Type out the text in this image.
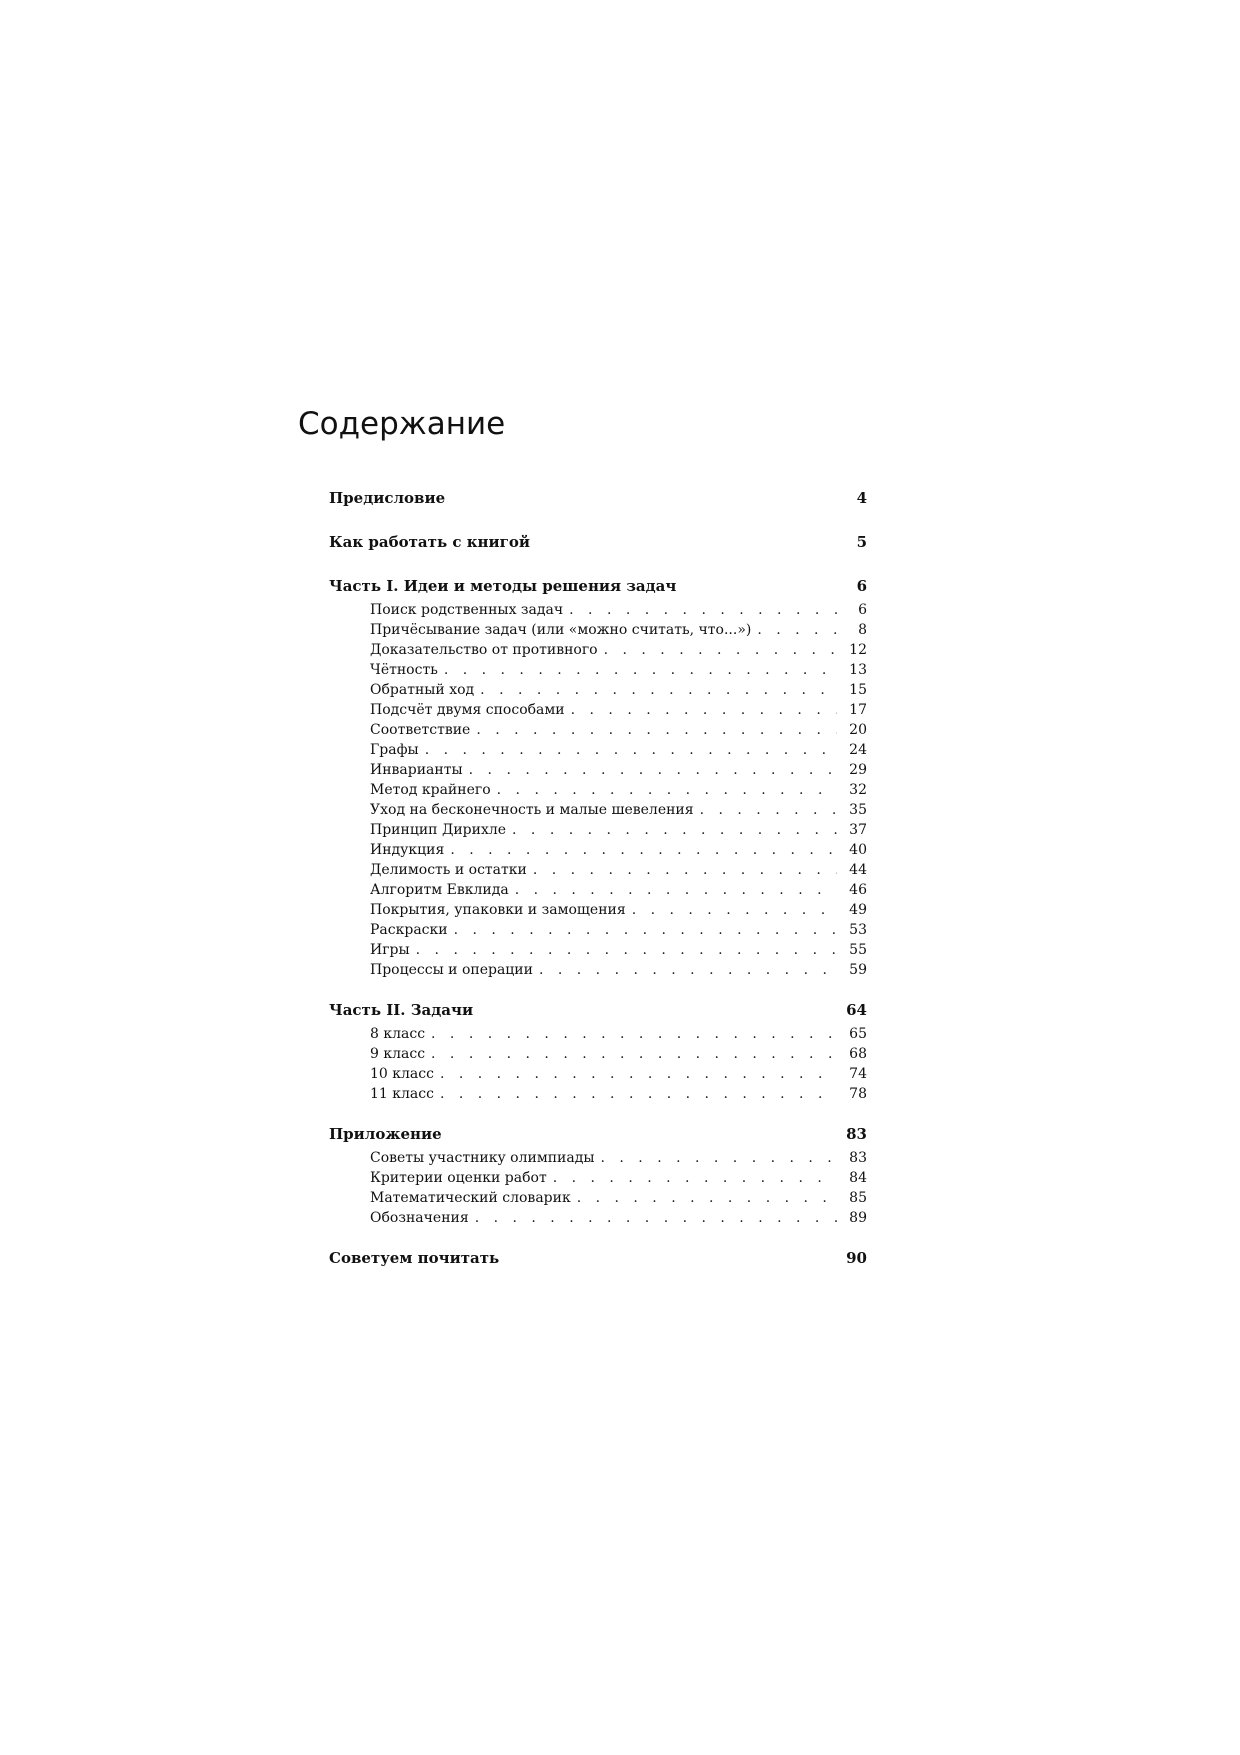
Содержание
Предисловие	4
Как работать с книгой	5
Часть I. Идеи и методы решения задач	6
Поиск родственных задач . . .	6
Причёсывание задач (или «можно считать, что...») . . .	8
Доказательство от противного . . .	12
Чётность . . .	13
Обратный ход . . .	15
Подсчёт двумя способами . . .	17
Соответствие . . .	20
Графы . . .	24
Инварианты . . .	29
Метод крайнего . . .	32
Уход на бесконечность и малые шевеления . . .	35
Принцип Дирихле . . .	37
Индукция . . .	40
Делимость и остатки . . .	44
Алгоритм Евклида . . .	46
Покрытия, упаковки и замощения . . .	49
Раскраски . . .	53
Игры . . .	55
Процессы и операции . . .	59
Часть II. Задачи	64
8 класс . . .	65
9 класс . . .	68
10 класс . . .	74
11 класс . . .	78
Приложение	83
Советы участнику олимпиады . . .	83
Критерии оценки работ . . .	84
Математический словарик . . .	85
Обозначения . . .	89
Советуем почитать	90
